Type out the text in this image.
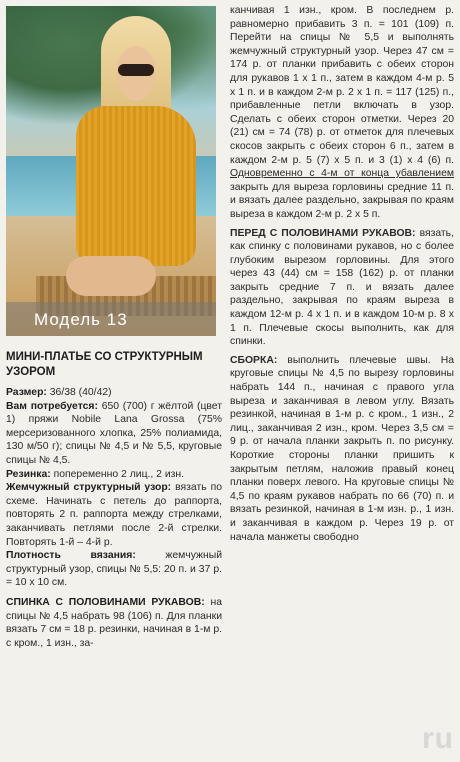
Модель 13
МИНИ-ПЛАТЬЕ СО СТРУКТУРНЫМ УЗОРОМ
Размер: 36/38 (40/42)
Вам потребуется: 650 (700) г жёлтой (цвет 1) пряжи Nobile Lana Grossa (75% мерсеризованного хлопка, 25% полиамида, 130 м/50 г); спицы № 4,5 и № 5,5, круговые спицы № 4,5.
Резинка: попеременно 2 лиц., 2 изн.
Жемчужный структурный узор: вязать по схеме. Начинать с петель до раппорта, повторять 2 п. раппорта между стрелками, заканчивать петлями после 2-й стрелки. Повторять 1-й – 4-й р.
Плотность вязания: жемчужный структурный узор, спицы № 5,5: 20 п. и 37 р. = 10 x 10 см.
СПИНКА С ПОЛОВИНАМИ РУКАВОВ: на спицы № 4,5 набрать 98 (106) п. Для планки вязать 7 см = 18 р. резинки, начиная в 1-м р. с кром., 1 изн., за-

канчивая 1 изн., кром. В последнем р. равномерно прибавить 3 п. = 101 (109) п. Перейти на спицы № 5,5 и выполнять жемчужный структурный узор. Через 47 см = 174 р. от планки прибавить с обеих сторон для рукавов 1 x 1 п., затем в каждом 4-м р. 5 x 1 п. и в каждом 2-м р. 2 x 1 п. = 117 (125) п., прибавленные петли включать в узор. Сделать с обеих сторон отметки. Через 20 (21) см = 74 (78) р. от отметок для плечевых скосов закрыть с обеих сторон 6 п., затем в каждом 2-м р. 5 (7) x 5 п. и 3 (1) x 4 (6) п. Одновременно с 4-м от конца убавлением закрыть для выреза горловины средние 11 п. и вязать далее раздельно, закрывая по краям выреза в каждом 2-м р. 2 x 5 п.

ПЕРЕД С ПОЛОВИНАМИ РУКАВОВ: вязать, как спинку с половинами рукавов, но с более глубоким вырезом горловины. Для этого через 43 (44) см = 158 (162) р. от планки закрыть средние 7 п. и вязать далее раздельно, закрывая по краям выреза в каждом 12-м р. 4 x 1 п. и в каждом 10-м р. 8 x 1 п. Плечевые скосы выполнить, как для спинки.

СБОРКА: выполнить плечевые швы. На круговые спицы № 4,5 по вырезу горловины набрать 144 п., начиная с правого угла выреза и заканчивая в левом углу. Вязать резинкой, начиная в 1-м р. с кром., 1 изн., 2 лиц., заканчивая 2 изн., кром. Через 3,5 см = 9 р. от начала планки закрыть п. по рисунку. Короткие стороны планки пришить к закрытым петлям, наложив правый конец планки поверх левого. На круговые спицы № 4,5 по краям рукавов набрать по 66 (70) п. и вязать резинкой, начиная в 1-м изн. р., 1 изн. и заканчивая в каждом р. Через 19 р. от начала манжеты свободно

ru
